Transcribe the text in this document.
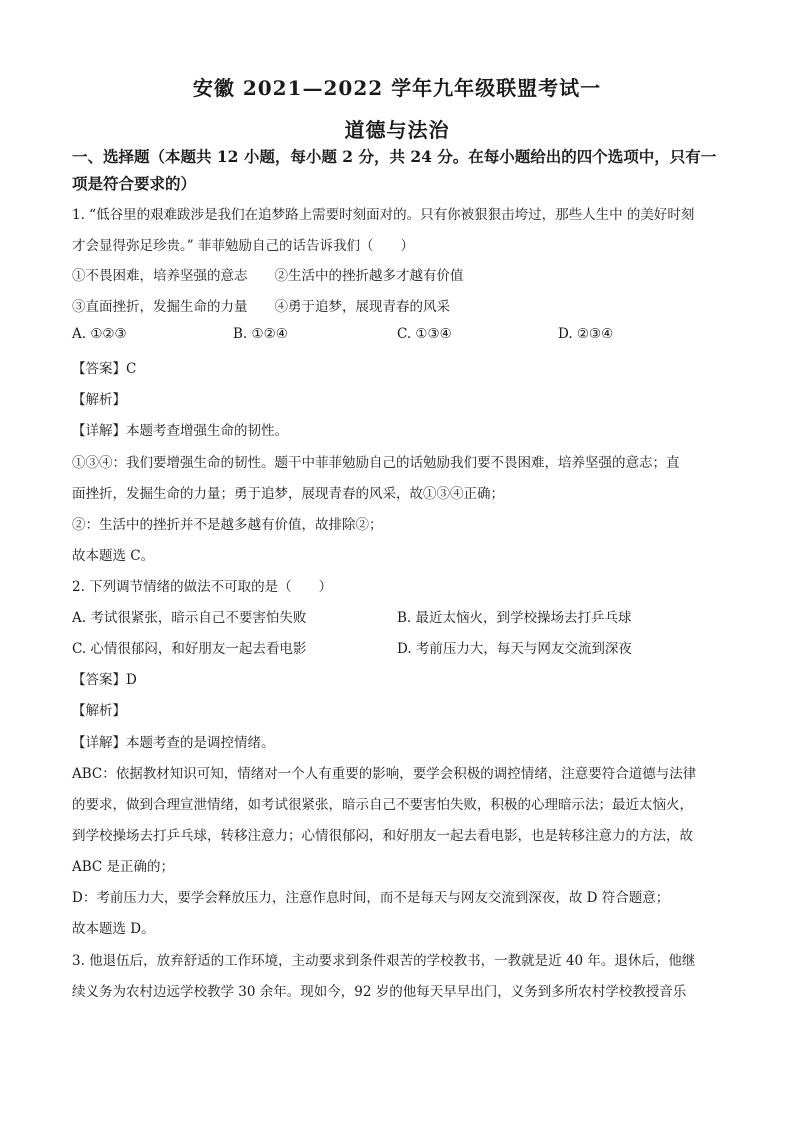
安徽 2021—2022 学年九年级联盟考试一
道德与法治
一、选择题（本题共 12 小题，每小题 2 分，共 24 分。在每小题给出的四个选项中，只有一
项是符合要求的）
1. “低谷里的艰难跋涉是我们在追梦路上需要时刻面对的。只有你被狠狠击垮过，那些人生中 的美好时刻
才会显得弥足珍贵。” 菲菲勉励自己的话告诉我们（　　）
①不畏困难，培养坚强的意志　　②生活中的挫折越多才越有价值
③直面挫折，发掘生命的力量　　④勇于追梦，展现青春的风采
A. ①②③	B. ①②④	C. ①③④	D. ②③④
【答案】C
【解析】
【详解】本题考查增强生命的韧性。
①③④：我们要增强生命的韧性。题干中菲菲勉励自己的话勉励我们要不畏困难，培养坚强的意志；直
面挫折，发掘生命的力量；勇于追梦，展现青春的风采，故①③④正确；
②：生活中的挫折并不是越多越有价值，故排除②；
故本题选 C。
2. 下列调节情绪的做法不可取的是（　　）
A. 考试很紧张，暗示自己不要害怕失败	B. 最近太恼火，到学校操场去打乒乓球
C. 心情很郁闷，和好朋友一起去看电影	D. 考前压力大，每天与网友交流到深夜
【答案】D
【解析】
【详解】本题考查的是调控情绪。
ABC：依据教材知识可知，情绪对一个人有重要的影响，要学会积极的调控情绪，注意要符合道德与法律
的要求，做到合理宣泄情绪，如考试很紧张，暗示自己不要害怕失败，积极的心理暗示法；最近太恼火，
到学校操场去打乒乓球，转移注意力；心情很郁闷，和好朋友一起去看电影，也是转移注意力的方法，故
ABC 是正确的；
D：考前压力大，要学会释放压力，注意作息时间，而不是每天与网友交流到深夜，故 D 符合题意；
故本题选 D。
3. 他退伍后，放弃舒适的工作环境，主动要求到条件艰苦的学校教书，一教就是近 40 年。退休后，他继
续义务为农村边远学校教学 30 余年。现如今，92 岁的他每天早早出门，义务到多所农村学校教授音乐
